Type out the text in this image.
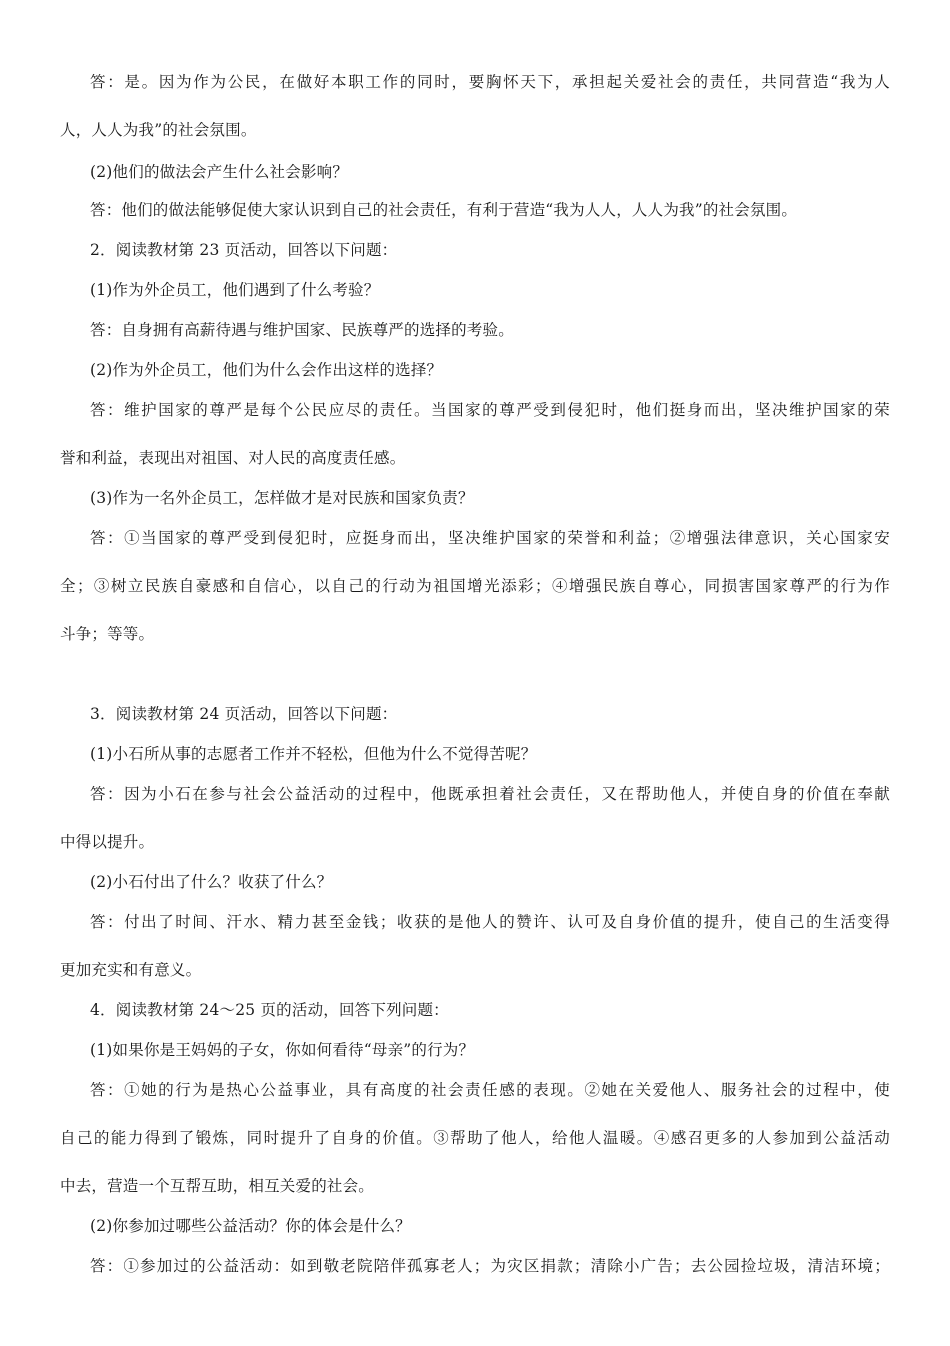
答：是。因为作为公民，在做好本职工作的同时，要胸怀天下，承担起关爱社会的责任，共同营造“我为人
人，人人为我”的社会氛围。
(2)他们的做法会产生什么社会影响？
答：他们的做法能够促使大家认识到自己的社会责任，有利于营造“我为人人，人人为我”的社会氛围。
2．阅读教材第 23 页活动，回答以下问题：
(1)作为外企员工，他们遇到了什么考验？
答：自身拥有高薪待遇与维护国家、民族尊严的选择的考验。
(2)作为外企员工，他们为什么会作出这样的选择？
答：维护国家的尊严是每个公民应尽的责任。当国家的尊严受到侵犯时，他们挺身而出，坚决维护国家的荣
誉和利益，表现出对祖国、对人民的高度责任感。
(3)作为一名外企员工，怎样做才是对民族和国家负责？
答：①当国家的尊严受到侵犯时，应挺身而出，坚决维护国家的荣誉和利益；②增强法律意识，关心国家安
全；③树立民族自豪感和自信心，以自己的行动为祖国增光添彩；④增强民族自尊心，同损害国家尊严的行为作
斗争；等等。
3．阅读教材第 24 页活动，回答以下问题：
(1)小石所从事的志愿者工作并不轻松，但他为什么不觉得苦呢？
答：因为小石在参与社会公益活动的过程中，他既承担着社会责任，又在帮助他人，并使自身的价值在奉献
中得以提升。
(2)小石付出了什么？收获了什么？
答：付出了时间、汗水、精力甚至金钱；收获的是他人的赞许、认可及自身价值的提升，使自己的生活变得
更加充实和有意义。
4．阅读教材第 24～25 页的活动，回答下列问题：
(1)如果你是王妈妈的子女，你如何看待“母亲”的行为？
答：①她的行为是热心公益事业，具有高度的社会责任感的表现。②她在关爱他人、服务社会的过程中，使
自己的能力得到了锻炼，同时提升了自身的价值。③帮助了他人，给他人温暖。④感召更多的人参加到公益活动
中去，营造一个互帮互助，相互关爱的社会。
(2)你参加过哪些公益活动？你的体会是什么？
答：①参加过的公益活动：如到敬老院陪伴孤寡老人；为灾区捐款；清除小广告；去公园捡垃圾，清洁环境；
